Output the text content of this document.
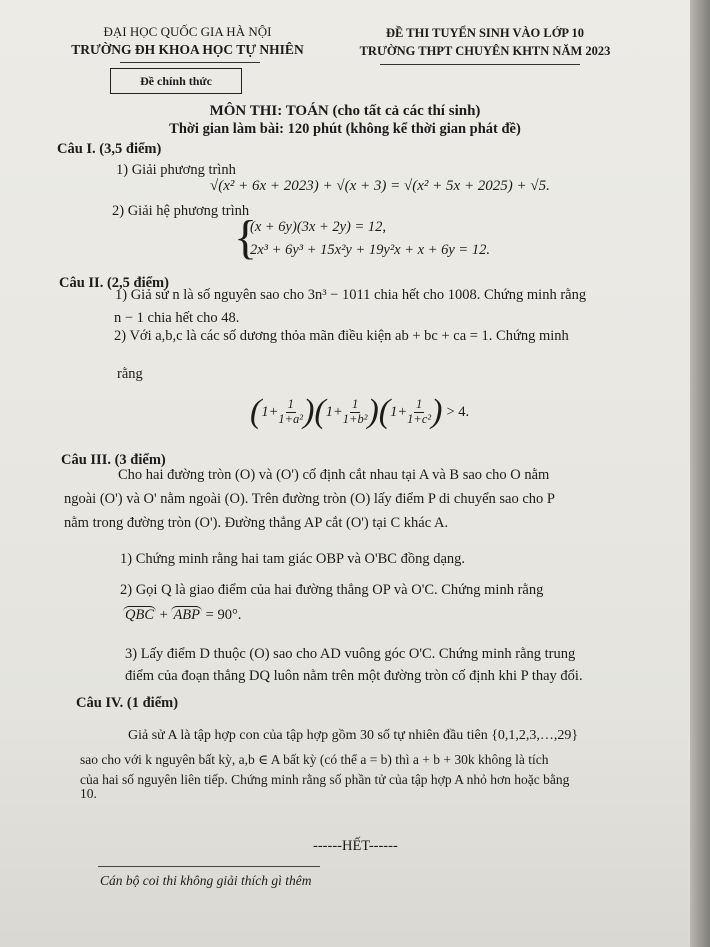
ĐẠI HỌC QUỐC GIA HÀ NỘI
TRƯỜNG ĐH KHOA HỌC TỰ NHIÊN
ĐỀ THI TUYỂN SINH VÀO LỚP 10
TRƯỜNG THPT CHUYÊN KHTN NĂM 2023
Đề chính thức
MÔN THI: TOÁN (cho tất cả các thí sinh)
Thời gian làm bài: 120 phút (không kể thời gian phát đề)
Câu I. (3,5 điểm)
1) Giải phương trình
√(x² + 6x + 2023) + √(x + 3) = √(x² + 5x + 2025) + √5.
2) Giải hệ phương trình
{
(x + 6y)(3x + 2y) = 12,
2x³ + 6y³ + 15x²y + 19y²x + x + 6y = 12.
Câu II. (2,5 điểm)
1) Giả sử n là số nguyên sao cho 3n³ − 1011 chia hết cho 1008. Chứng minh rằng
n − 1 chia hết cho 48.
2) Với a,b,c là các số dương thỏa mãn điều kiện ab + bc + ca = 1. Chứng minh
rằng
( $1+ \frac{1}{\text{1+a²}}$ )( $1+ \frac{1}{\text{1+b²}}$ )( $1+ \frac{1}{\text{1+c²}}$ ) > 4.
Câu III. (3 điểm)
Cho hai đường tròn (O) và (O') cố định cắt nhau tại A và B sao cho O nằm
ngoài (O') và O' nằm ngoài (O). Trên đường tròn (O) lấy điểm P di chuyển sao cho P
nằm trong đường tròn (O'). Đường thẳng AP cắt (O') tại C khác A.
1) Chứng minh rằng hai tam giác OBP và O'BC đồng dạng.
2) Gọi Q là giao điểm của hai đường thẳng OP và O'C. Chứng minh rằng
QBC + ABP = 90°.
3) Lấy điểm D thuộc (O) sao cho AD vuông góc O'C. Chứng minh rằng trung
điểm của đoạn thẳng DQ luôn nằm trên một đường tròn cố định khi P thay đổi.
Câu IV. (1 điểm)
Giả sử A là tập hợp con của tập hợp gồm 30 số tự nhiên đầu tiên {0,1,2,3,…,29}
sao cho với k nguyên bất kỳ, a,b ∈ A bất kỳ (có thể a = b) thì a + b + 30k không là tích
của hai số nguyên liên tiếp. Chứng minh rằng số phần tử của tập hợp A nhỏ hơn hoặc bằng
10.
------HẾT------
Cán bộ coi thi không giải thích gì thêm
